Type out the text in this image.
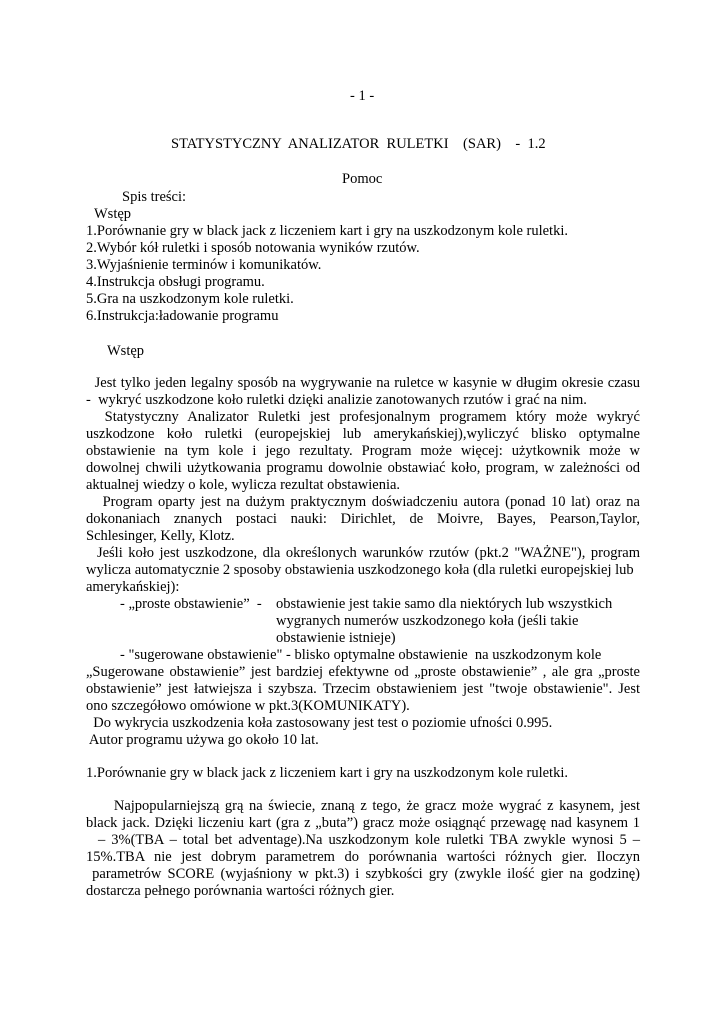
- 1 -
STATYSTYCZNY  ANALIZATOR  RULETKI    (SAR)    -  1.2
Pomoc
Spis treści:
Wstęp
1.Porównanie gry w black jack z liczeniem kart i gry na uszkodzonym kole ruletki.
2.Wybór kół ruletki i sposób notowania wyników rzutów.
3.Wyjaśnienie terminów i komunikatów.
4.Instrukcja obsługi programu.
5.Gra na uszkodzonym kole ruletki.
6.Instrukcja:ładowanie programu
Wstęp
Jest tylko jeden legalny sposób na wygrywanie na ruletce w kasynie w długim okresie czasu
-  wykryć uszkodzone koło ruletki dzięki analizie zanotowanych rzutów i grać na nim.
Statystyczny Analizator Ruletki jest profesjonalnym programem który może wykryć
uszkodzone koło ruletki (europejskiej lub amerykańskiej),wyliczyć blisko optymalne
obstawienie na tym kole i jego rezultaty. Program może więcej: użytkownik może w
dowolnej chwili użytkowania programu dowolnie obstawiać koło, program, w zależności od
aktualnej wiedzy o kole, wylicza rezultat obstawienia.
Program oparty jest na dużym praktycznym doświadczeniu autora (ponad 10 lat) oraz na
dokonaniach znanych postaci nauki: Dirichlet, de Moivre, Bayes, Pearson,Taylor,
Schlesinger, Kelly, Klotz.
Jeśli koło jest uszkodzone, dla określonych warunków rzutów (pkt.2 "WAŻNE"), program
wylicza automatycznie 2 sposoby obstawienia uszkodzonego koła (dla ruletki europejskiej lub
amerykańskiej):
- „proste obstawienie”  - obstawienie jest takie samo dla niektórych lub wszystkich
wygranych numerów uszkodzonego koła (jeśli takie
obstawienie istnieje)
- "sugerowane obstawienie" - blisko optymalne obstawienie  na uszkodzonym kole
„Sugerowane obstawienie” jest bardziej efektywne od „proste obstawienie” , ale gra „proste
obstawienie” jest łatwiejsza i szybsza. Trzecim obstawieniem jest "twoje obstawienie". Jest
ono szczegółowo omówione w pkt.3(KOMUNIKATY).
Do wykrycia uszkodzenia koła zastosowany jest test o poziomie ufności 0.995.
Autor programu używa go około 10 lat.
1.Porównanie gry w black jack z liczeniem kart i gry na uszkodzonym kole ruletki.
Najpopularniejszą grą na świecie, znaną z tego, że gracz może wygrać z kasynem, jest
black jack. Dzięki liczeniu kart (gra z „buta”) gracz może osiągnąć przewagę nad kasynem 1
– 3%(TBA – total bet adventage).Na uszkodzonym kole ruletki TBA zwykle wynosi 5 –
15%.TBA nie jest dobrym parametrem do porównania wartości różnych gier. Iloczyn
parametrów SCORE (wyjaśniony w pkt.3) i szybkości gry (zwykle ilość gier na godzinę)
dostarcza pełnego porównania wartości różnych gier.
